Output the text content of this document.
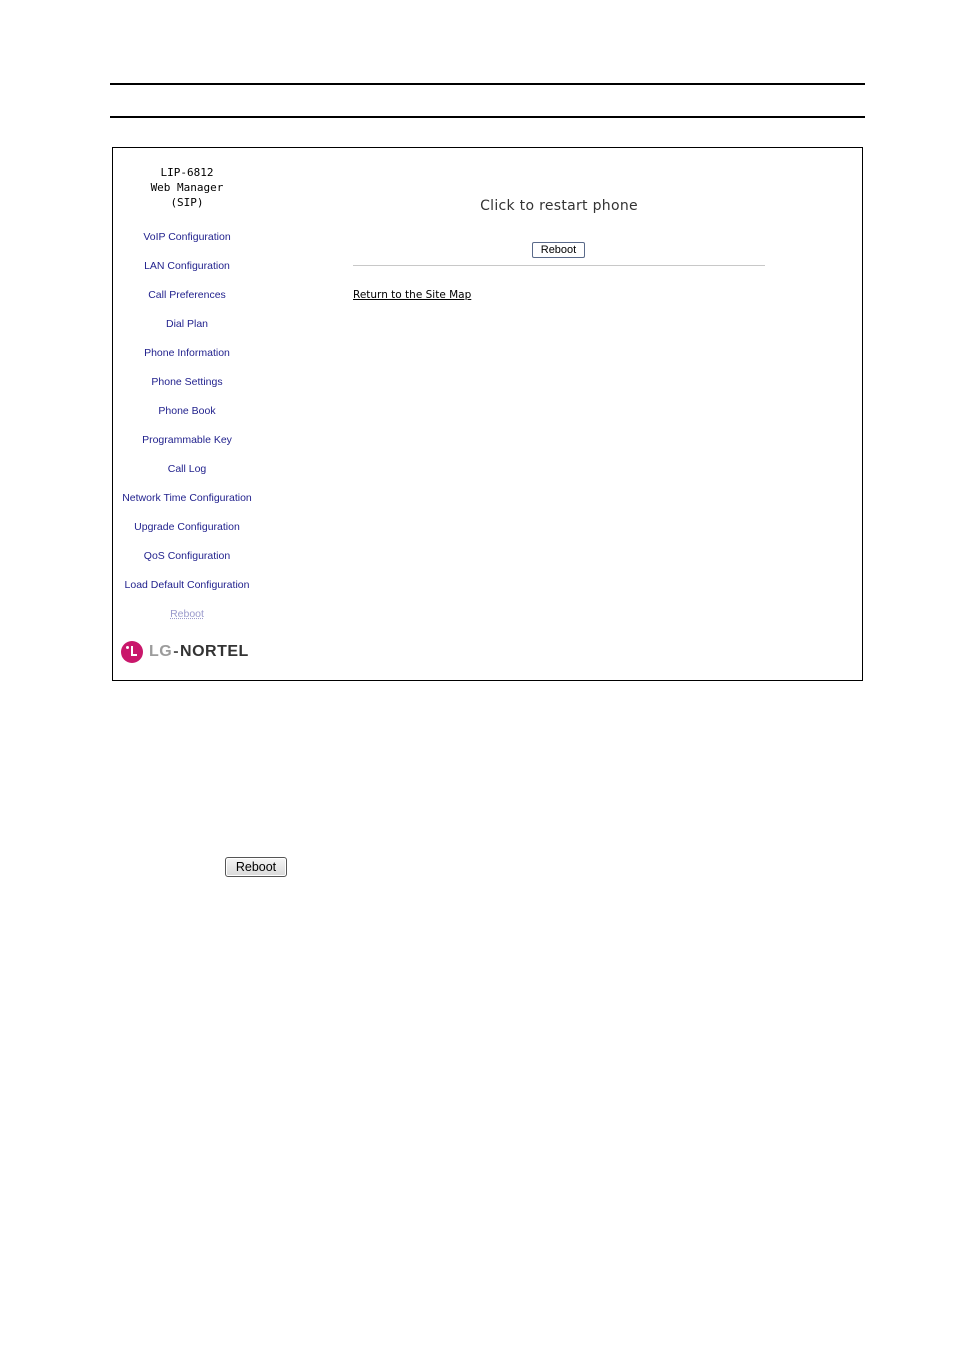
LIP-6812
Web Manager
(SIP)
VoIP Configuration
LAN Configuration
Call Preferences
Dial Plan
Phone Information
Phone Settings
Phone Book
Programmable Key
Call Log
Network Time Configuration
Upgrade Configuration
QoS Configuration
Load Default Configuration
Reboot
LG - NORTEL
Click to restart phone
Reboot
Return to the Site Map
Reboot
